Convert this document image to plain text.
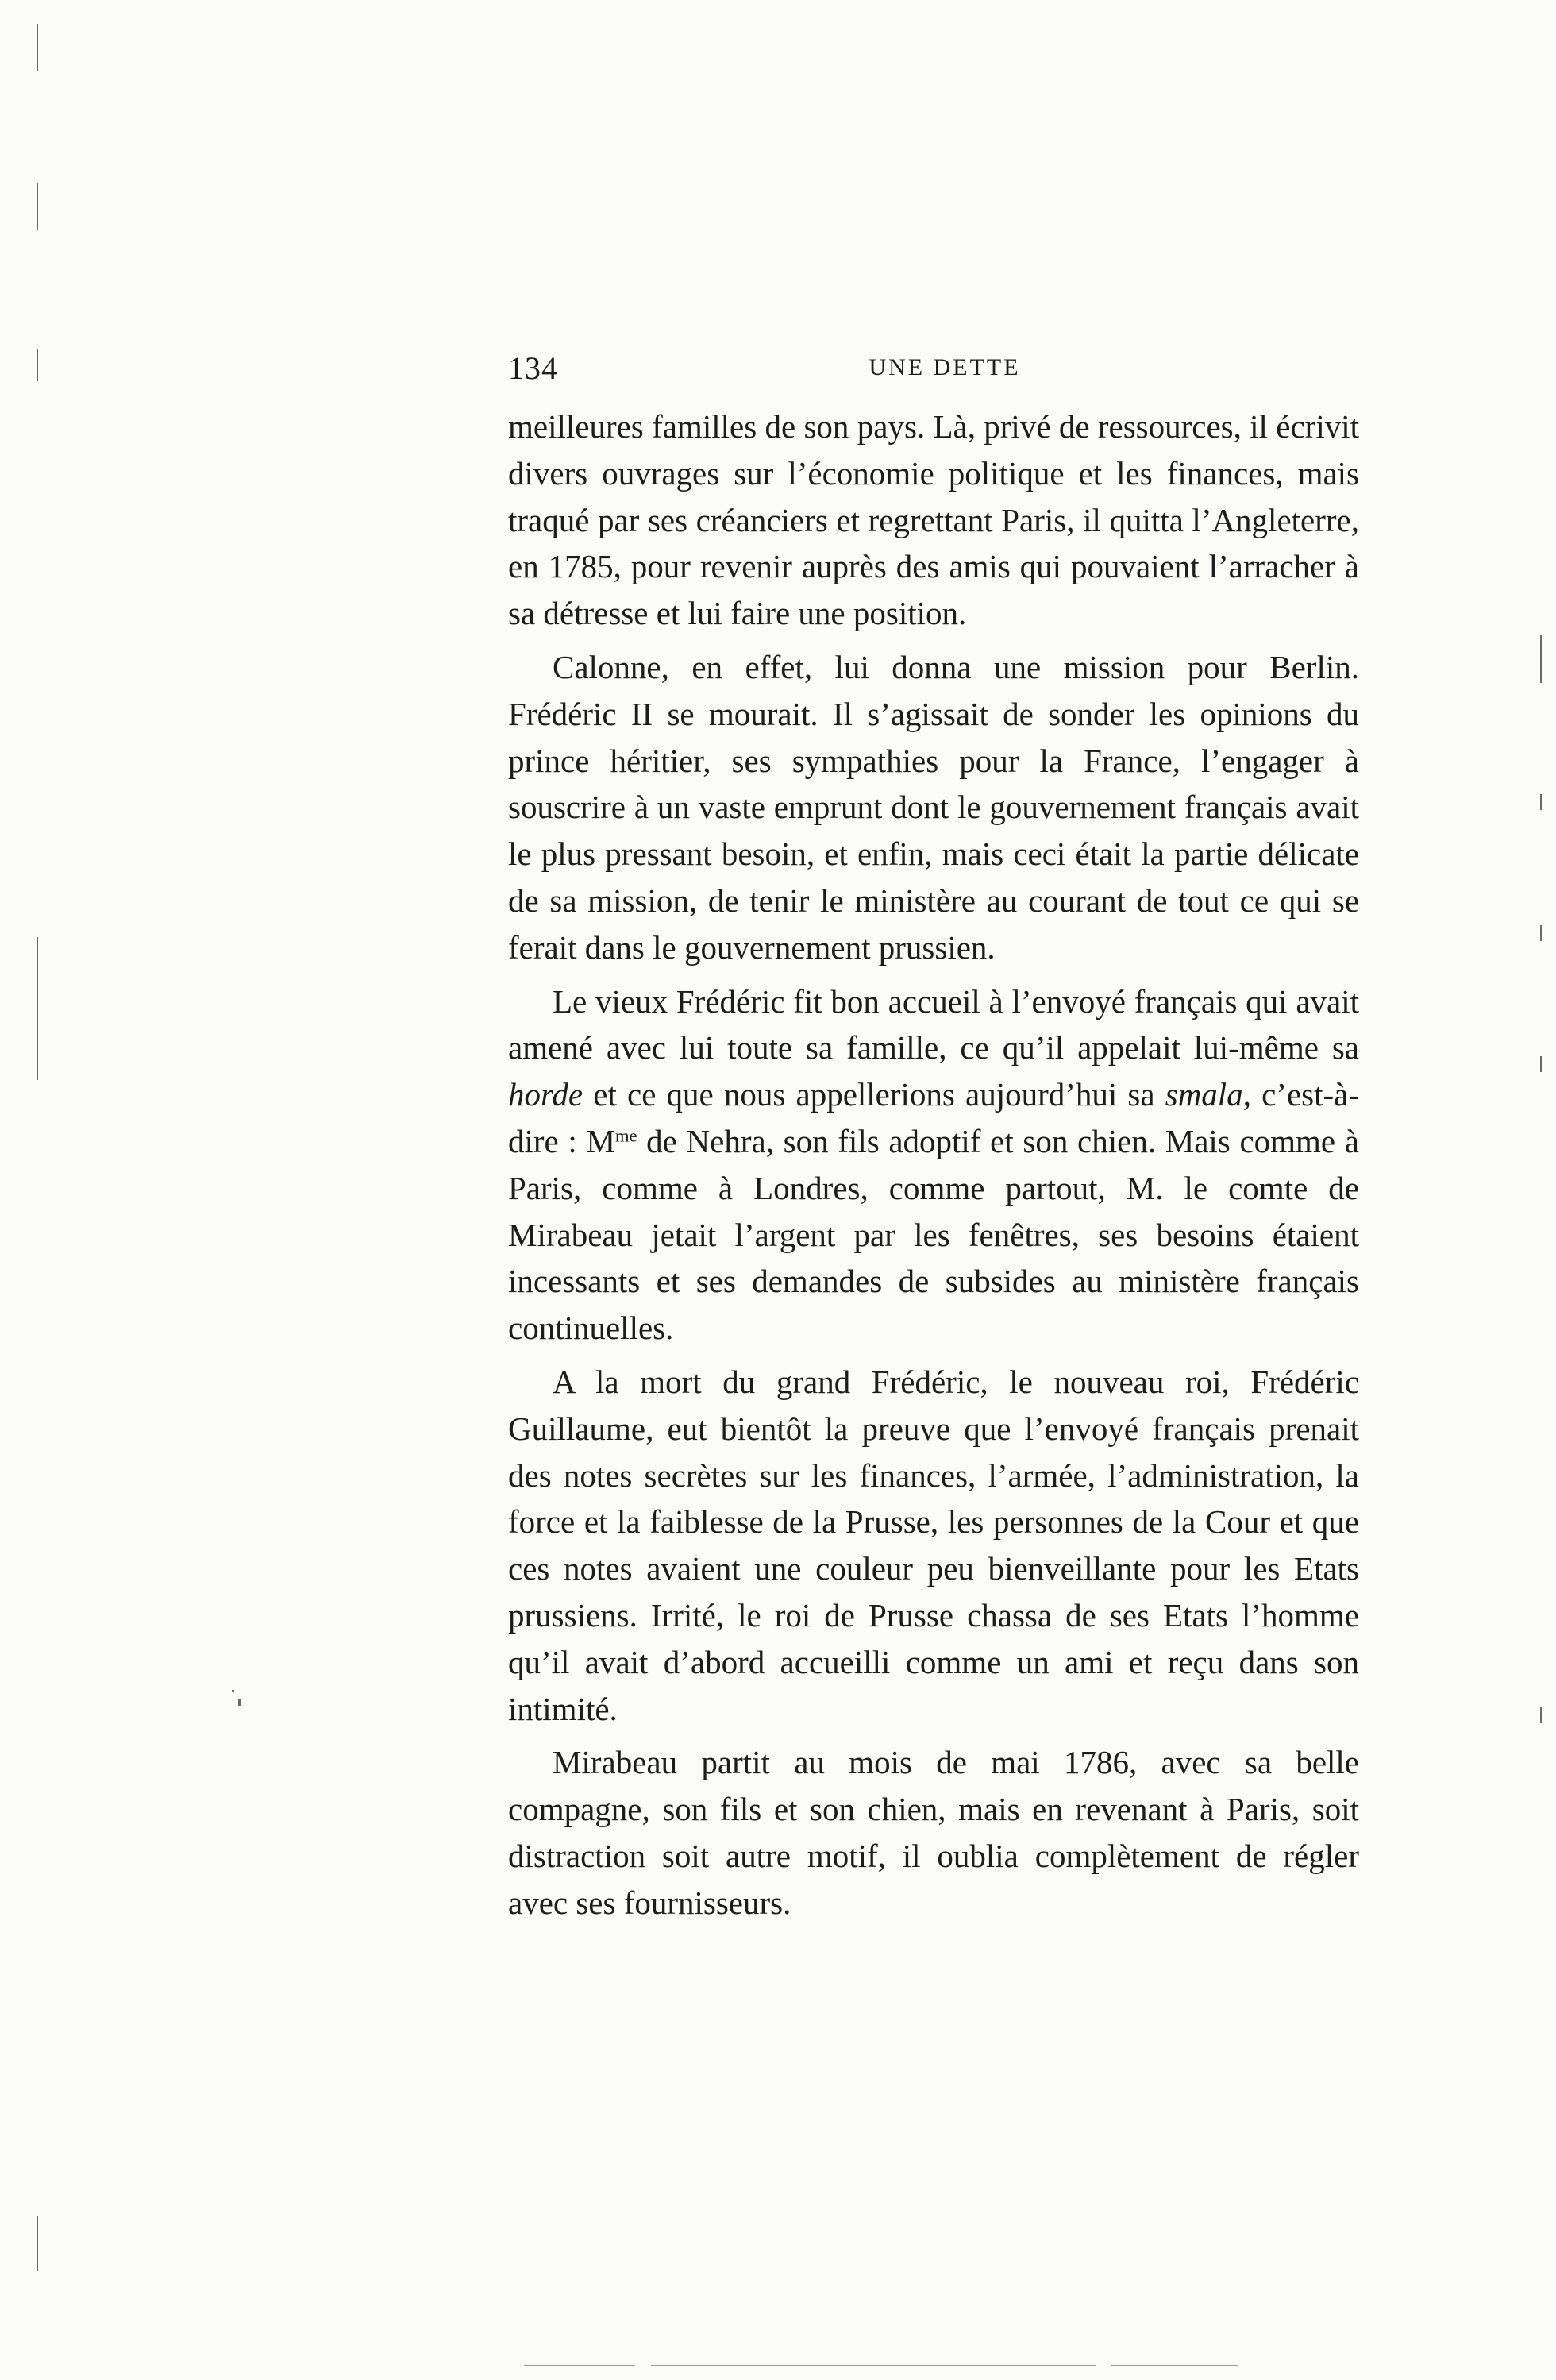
134	UNE DETTE

meilleures familles de son pays. Là, privé de ressources, il écrivit divers ouvrages sur l’économie politique et les finances, mais traqué par ses créanciers et regrettant Paris, il quitta l’Angleterre, en 1785, pour revenir auprès des amis qui pouvaient l’arracher à sa détresse et lui faire une position.

Calonne, en effet, lui donna une mission pour Berlin. Frédéric II se mourait. Il s’agissait de sonder les opinions du prince héritier, ses sympathies pour la France, l’engager à souscrire à un vaste emprunt dont le gouvernement français avait le plus pressant besoin, et enfin, mais ceci était la partie délicate de sa mission, de tenir le ministère au courant de tout ce qui se ferait dans le gouvernement prussien.

Le vieux Frédéric fit bon accueil à l’envoyé français qui avait amené avec lui toute sa famille, ce qu’il appelait lui-même sa horde et ce que nous appellerions aujourd’hui sa smala, c’est-à-dire : $M^{me}$ de Nehra, son fils adoptif et son chien. Mais comme à Paris, comme à Londres, comme partout, M. le comte de Mirabeau jetait l’argent par les fenêtres, ses besoins étaient incessants et ses demandes de subsides au ministère français continuelles.

A la mort du grand Frédéric, le nouveau roi, Frédéric Guillaume, eut bientôt la preuve que l’envoyé français prenait des notes secrètes sur les finances, l’armée, l’administration, la force et la faiblesse de la Prusse, les personnes de la Cour et que ces notes avaient une couleur peu bienveillante pour les Etats prussiens. Irrité, le roi de Prusse chassa de ses Etats l’homme qu’il avait d’abord accueilli comme un ami et reçu dans son intimité.

Mirabeau partit au mois de mai 1786, avec sa belle compagne, son fils et son chien, mais en revenant à Paris, soit distraction soit autre motif, il oublia complètement de régler avec ses fournisseurs.
